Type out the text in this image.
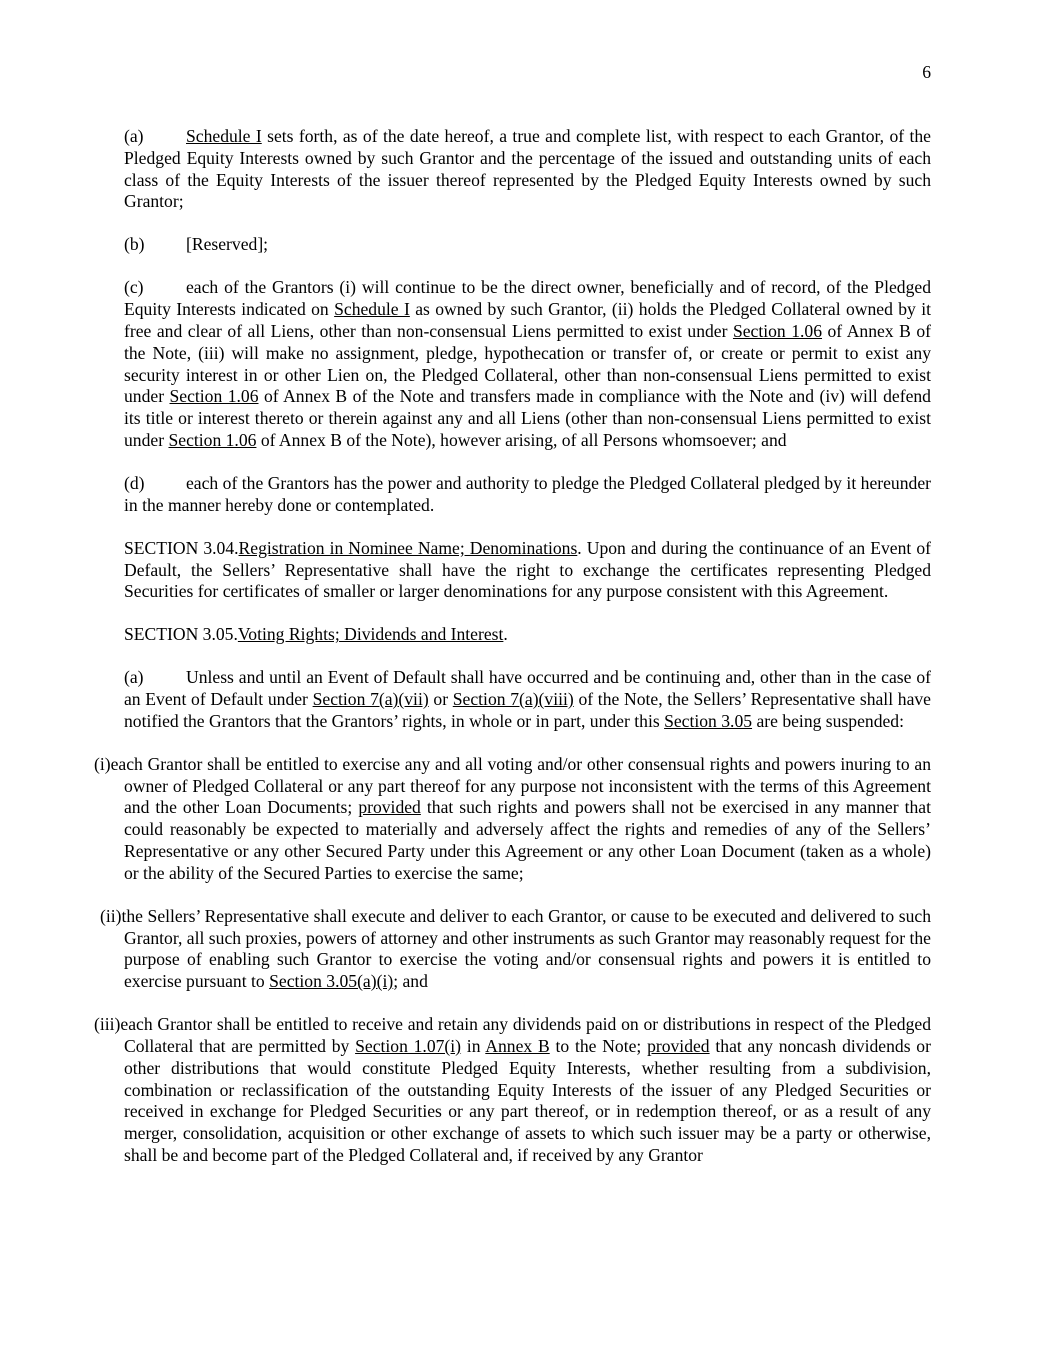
6

(a) Schedule I sets forth, as of the date hereof, a true and complete list, with respect to each Grantor, of the Pledged Equity Interests owned by such Grantor and the percentage of the issued and outstanding units of each class of the Equity Interests of the issuer thereof represented by the Pledged Equity Interests owned by such Grantor;

(b) [Reserved];

(c) each of the Grantors (i) will continue to be the direct owner, beneficially and of record, of the Pledged Equity Interests indicated on Schedule I as owned by such Grantor, (ii) holds the Pledged Collateral owned by it free and clear of all Liens, other than non-consensual Liens permitted to exist under Section 1.06 of Annex B of the Note, (iii) will make no assignment, pledge, hypothecation or transfer of, or create or permit to exist any security interest in or other Lien on, the Pledged Collateral, other than non-consensual Liens permitted to exist under Section 1.06 of Annex B of the Note and transfers made in compliance with the Note and (iv) will defend its title or interest thereto or therein against any and all Liens (other than non-consensual Liens permitted to exist under Section 1.06 of Annex B of the Note), however arising, of all Persons whomsoever; and

(d) each of the Grantors has the power and authority to pledge the Pledged Collateral pledged by it hereunder in the manner hereby done or contemplated.

SECTION 3.04.Registration in Nominee Name; Denominations. Upon and during the continuance of an Event of Default, the Sellers’ Representative shall have the right to exchange the certificates representing Pledged Securities for certificates of smaller or larger denominations for any purpose consistent with this Agreement.

SECTION 3.05.Voting Rights; Dividends and Interest.

(a) Unless and until an Event of Default shall have occurred and be continuing and, other than in the case of an Event of Default under Section 7(a)(vii) or Section 7(a)(viii) of the Note, the Sellers’ Representative shall have notified the Grantors that the Grantors’ rights, in whole or in part, under this Section 3.05 are being suspended:

(i)each Grantor shall be entitled to exercise any and all voting and/or other consensual rights and powers inuring to an owner of Pledged Collateral or any part thereof for any purpose not inconsistent with the terms of this Agreement and the other Loan Documents; provided that such rights and powers shall not be exercised in any manner that could reasonably be expected to materially and adversely affect the rights and remedies of any of the Sellers’ Representative or any other Secured Party under this Agreement or any other Loan Document (taken as a whole) or the ability of the Secured Parties to exercise the same;

(ii)the Sellers’ Representative shall execute and deliver to each Grantor, or cause to be executed and delivered to such Grantor, all such proxies, powers of attorney and other instruments as such Grantor may reasonably request for the purpose of enabling such Grantor to exercise the voting and/or consensual rights and powers it is entitled to exercise pursuant to Section 3.05(a)(i); and

(iii)each Grantor shall be entitled to receive and retain any dividends paid on or distributions in respect of the Pledged Collateral that are permitted by Section 1.07(i) in Annex B to the Note; provided that any noncash dividends or other distributions that would constitute Pledged Equity Interests, whether resulting from a subdivision, combination or reclassification of the outstanding Equity Interests of the issuer of any Pledged Securities or received in exchange for Pledged Securities or any part thereof, or in redemption thereof, or as a result of any merger, consolidation, acquisition or other exchange of assets to which such issuer may be a party or otherwise, shall be and become part of the Pledged Collateral and, if received by any Grantor
